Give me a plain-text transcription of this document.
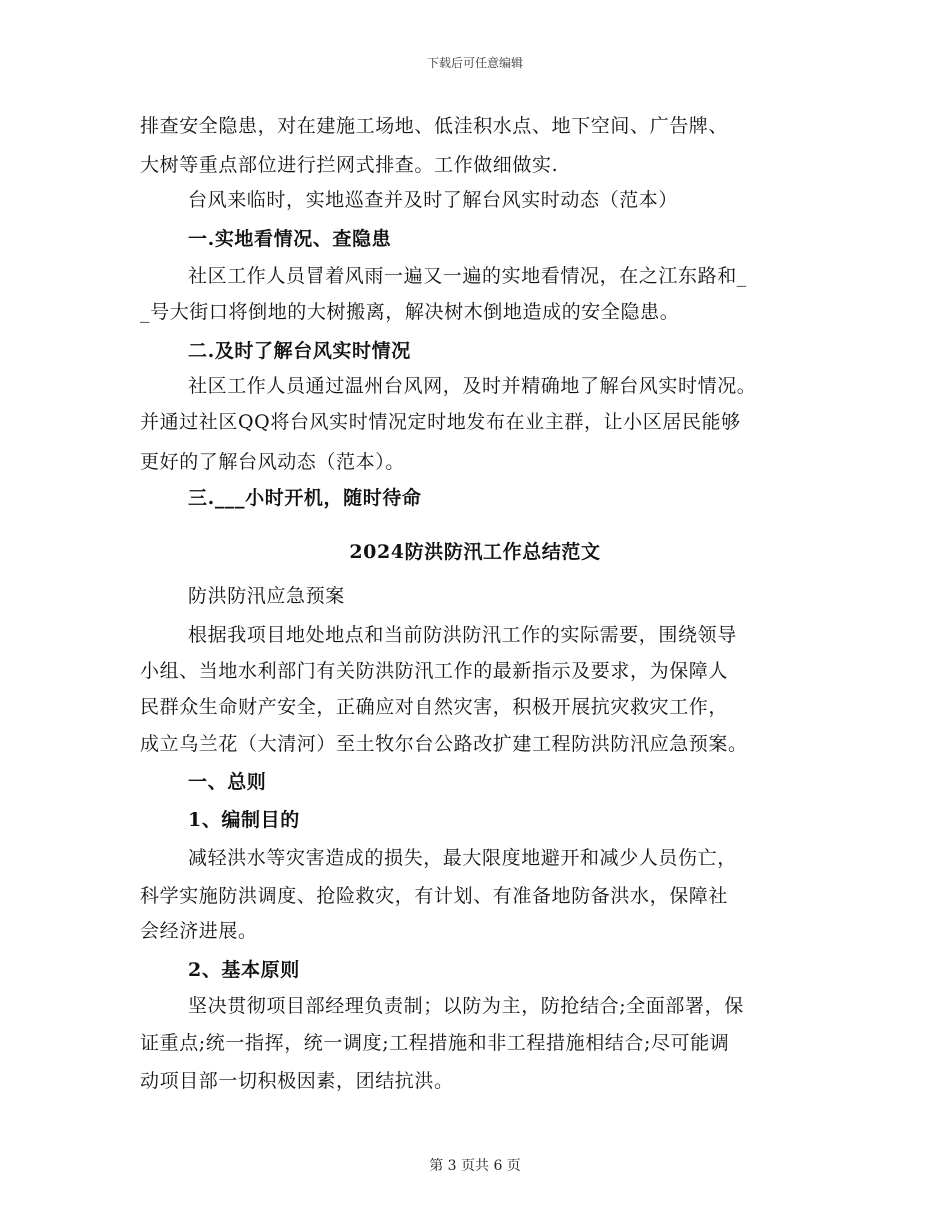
下载后可任意编辑
排查安全隐患，对在建施工场地、低洼积水点、地下空间、广告牌、
大树等重点部位进行拦网式排查。工作做细做实.
台风来临时，实地巡查并及时了解台风实时动态（范本）
一.实地看情况、查隐患
社区工作人员冒着风雨一遍又一遍的实地看情况，在之江东路和_
_号大街口将倒地的大树搬离，解决树木倒地造成的安全隐患。
二.及时了解台风实时情况
社区工作人员通过温州台风网，及时并精确地了解台风实时情况。
并通过社区QQ将台风实时情况定时地发布在业主群，让小区居民能够
更好的了解台风动态（范本）。
三.___小时开机，随时待命
2024防洪防汛工作总结范文
防洪防汛应急预案
根据我项目地处地点和当前防洪防汛工作的实际需要，围绕领导
小组、当地水利部门有关防洪防汛工作的最新指示及要求，为保障人
民群众生命财产安全，正确应对自然灾害，积极开展抗灾救灾工作，
成立乌兰花（大清河）至土牧尔台公路改扩建工程防洪防汛应急预案。
一、总则
1、编制目的
减轻洪水等灾害造成的损失，最大限度地避开和减少人员伤亡，
科学实施防洪调度、抢险救灾，有计划、有准备地防备洪水，保障社
会经济进展。
2、基本原则
坚决贯彻项目部经理负责制；以防为主，防抢结合;全面部署，保
证重点;统一指挥，统一调度;工程措施和非工程措施相结合;尽可能调
动项目部一切积极因素，团结抗洪。
第 3 页共 6 页
